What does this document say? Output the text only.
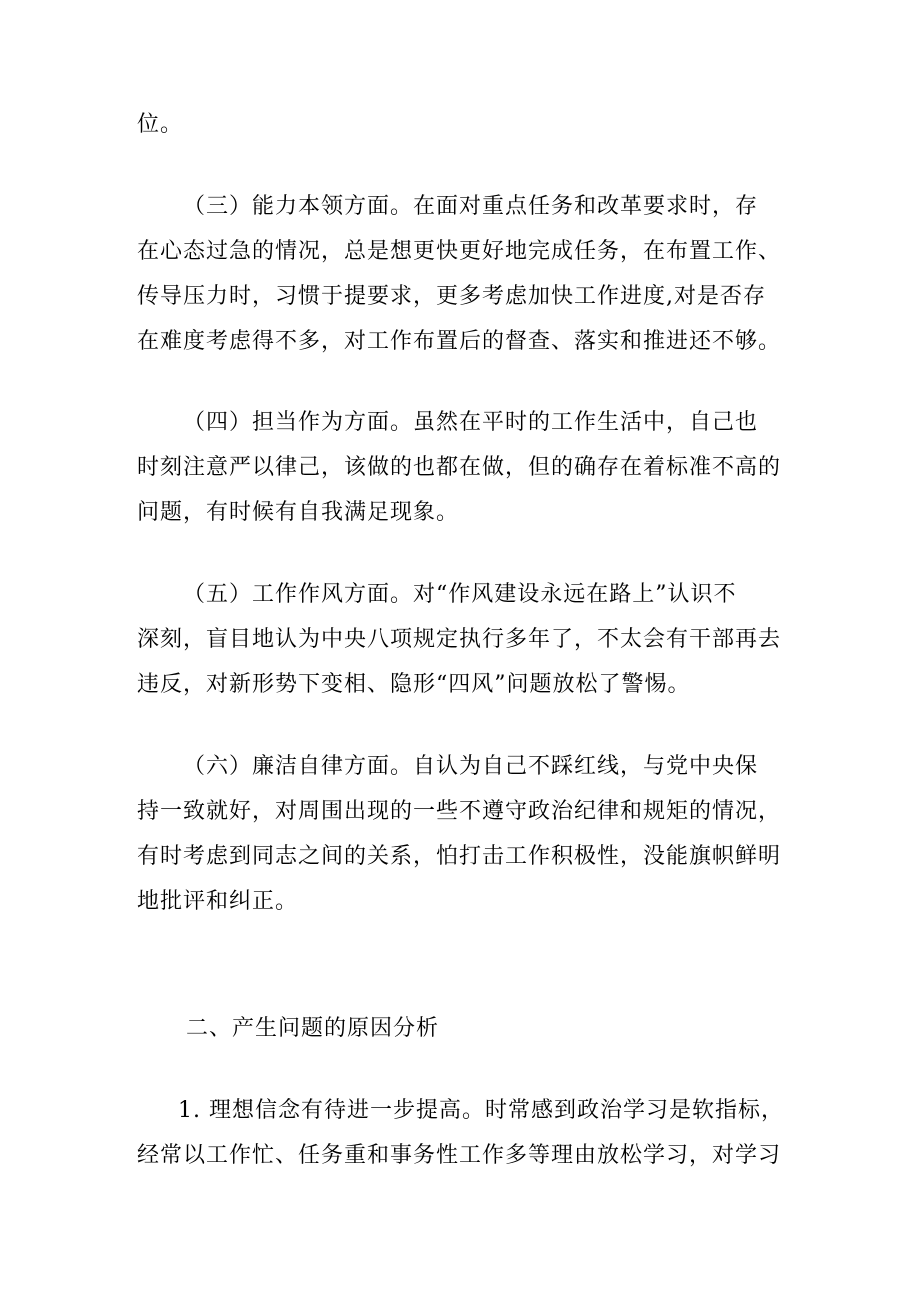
位。
（三）能力本领方面。在面对重点任务和改革要求时，存
在心态过急的情况，总是想更快更好地完成任务，在布置工作、
传导压力时，习惯于提要求，更多考虑加快工作进度,对是否存
在难度考虑得不多，对工作布置后的督查、落实和推进还不够。
（四）担当作为方面。虽然在平时的工作生活中，自己也
时刻注意严以律己，该做的也都在做，但的确存在着标准不高的
问题，有时候有自我满足现象。
（五）工作作风方面。对“作风建设永远在路上”认识不
深刻，盲目地认为中央八项规定执行多年了，不太会有干部再去
违反，对新形势下变相、隐形“四风”问题放松了警惕。
（六）廉洁自律方面。自认为自己不踩红线，与党中央保
持一致就好，对周围出现的一些不遵守政治纪律和规矩的情况，
有时考虑到同志之间的关系，怕打击工作积极性，没能旗帜鲜明
地批评和纠正。
二、产生问题的原因分析
1. 理想信念有待进一步提高。时常感到政治学习是软指标，
经常以工作忙、任务重和事务性工作多等理由放松学习，对学习
